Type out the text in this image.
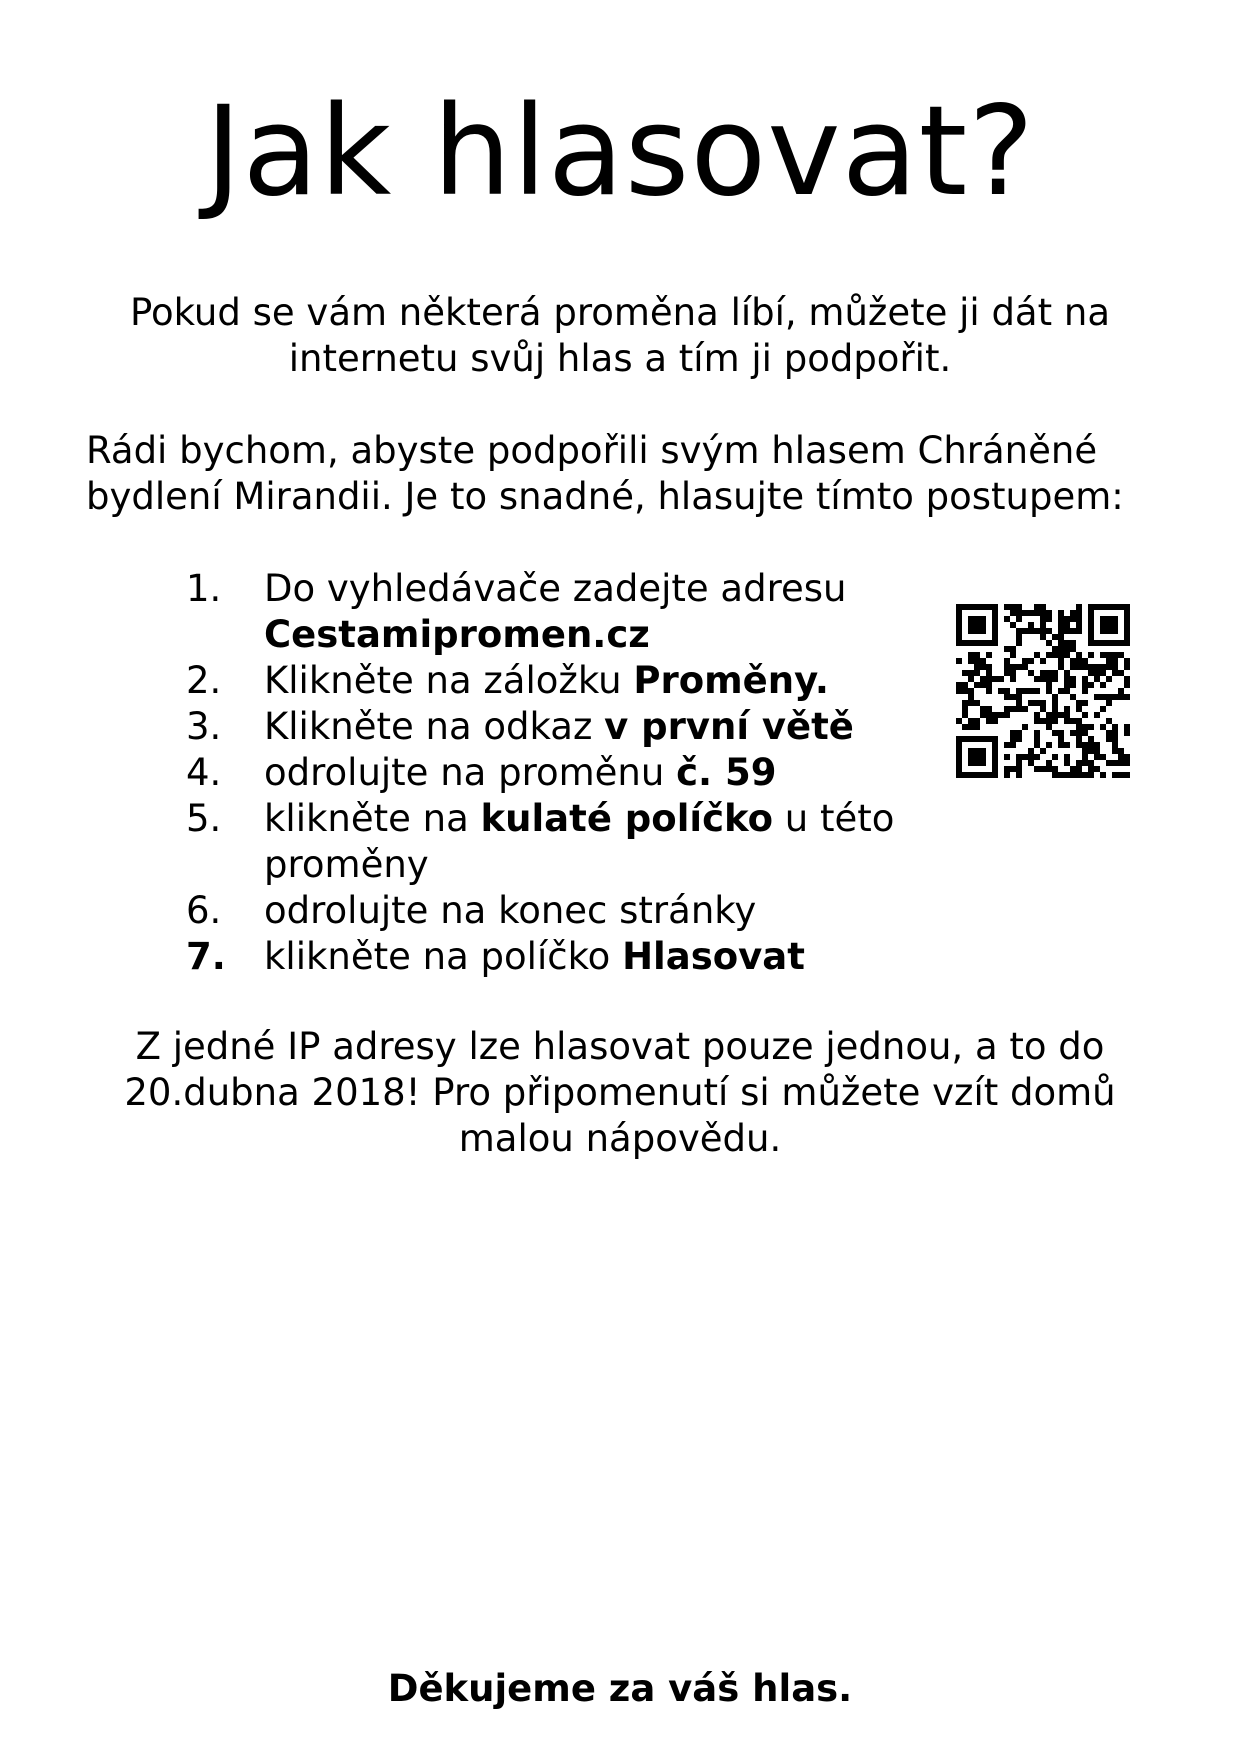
Jak hlasovat?

Pokud se vám některá proměna líbí, můžete ji dát na internetu svůj hlas a tím ji podpořit.

Rádi bychom, abyste podpořili svým hlasem Chráněné bydlení Mirandii. Je to snadné, hlasujte tímto postupem:

1.	Do vyhledávače zadejte adresu Cestamipromen.cz
2.	Klikněte na záložku Proměny.
3.	Klikněte na odkaz v první větě
4.	odrolujte na proměnu č. 59
5.	klikněte na kulaté políčko u této proměny
6.	odrolujte na konec stránky
7.	klikněte na políčko Hlasovat

Z jedné IP adresy lze hlasovat pouze jednou, a to do 20.dubna 2018! Pro připomenutí si můžete vzít domů malou nápovědu.

Děkujeme za váš hlas.
